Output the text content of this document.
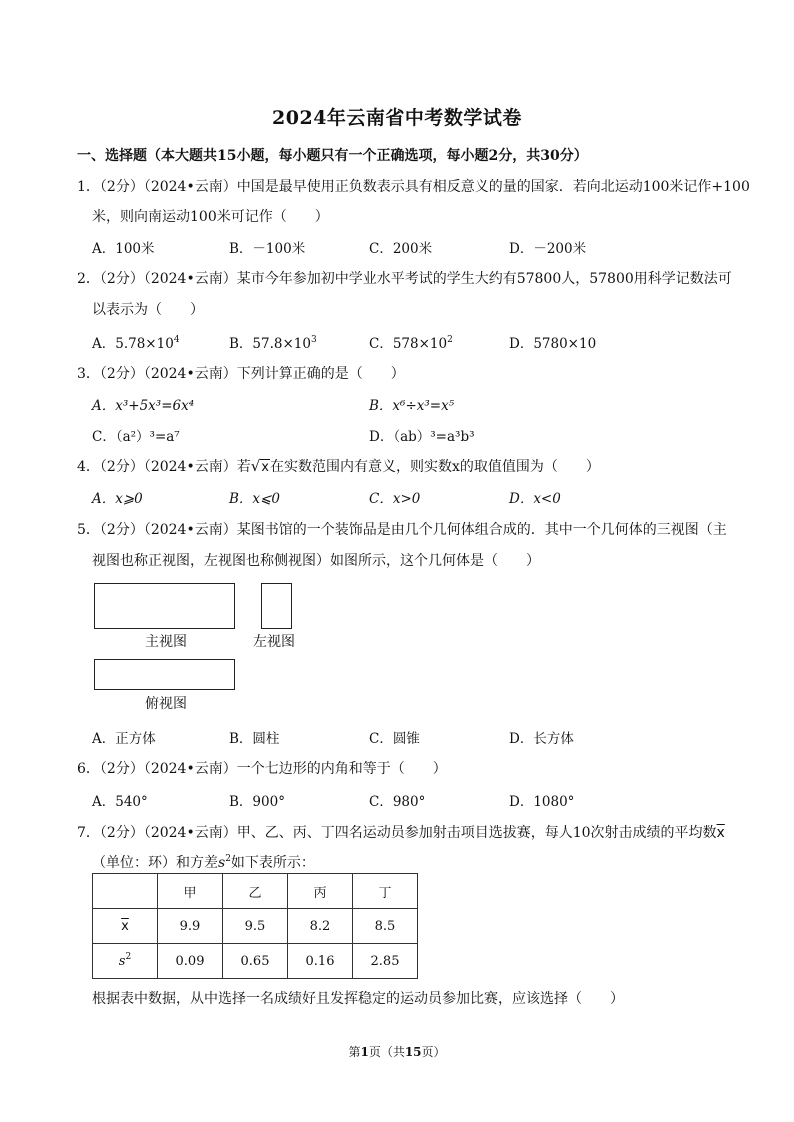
2024年云南省中考数学试卷
一、选择题（本大题共15小题，每小题只有一个正确选项，每小题2分，共30分）
1．（2分）（2024•云南）中国是最早使用正负数表示具有相反意义的量的国家．若向北运动100米记作+100
米，则向南运动100米可记作（　　）
A．100米	B．－100米	C．200米	D．－200米
2．（2分）（2024•云南）某市今年参加初中学业水平考试的学生大约有57800人，57800用科学记数法可
以表示为（　　）
A．$5.78\times 10^4$	B．$57.8\times 10^3$	C．$578\times 10^2$	D．5780×10
3．（2分）（2024•云南）下列计算正确的是（　　）
A．x³+5x³=6x⁴	B．x⁶÷x³=x⁵
C．（a²）³=a⁷	D．（ab）³=a³b³
4．（2分）（2024•云南）若√x在实数范围内有意义，则实数x的取值值围为（　　）
A．x⩾0	B．x⩽0	C．x>0	D．x<0
5．（2分）（2024•云南）某图书馆的一个装饰品是由几个几何体组合成的．其中一个几何体的三视图（主
视图也称正视图，左视图也称侧视图）如图所示，这个几何体是（　　）
主视图	左视图
俯视图
A．正方体	B．圆柱	C．圆锥	D．长方体
6．（2分）（2024•云南）一个七边形的内角和等于（　　）
A．540°	B．900°	C．980°	D．1080°
7．（2分）（2024•云南）甲、乙、丙、丁四名运动员参加射击项目选拔赛，每人10次射击成绩的平均数$\overline{x}$
（单位：环）和方差$s^2$如下表所示：
	甲	乙	丙	丁
$\overline{x}$	9.9	9.5	8.2	8.5
$s^2$	0.09	0.65	0.16	2.85
根据表中数据，从中选择一名成绩好且发挥稳定的运动员参加比赛，应该选择（　　）
第1页（共15页）
